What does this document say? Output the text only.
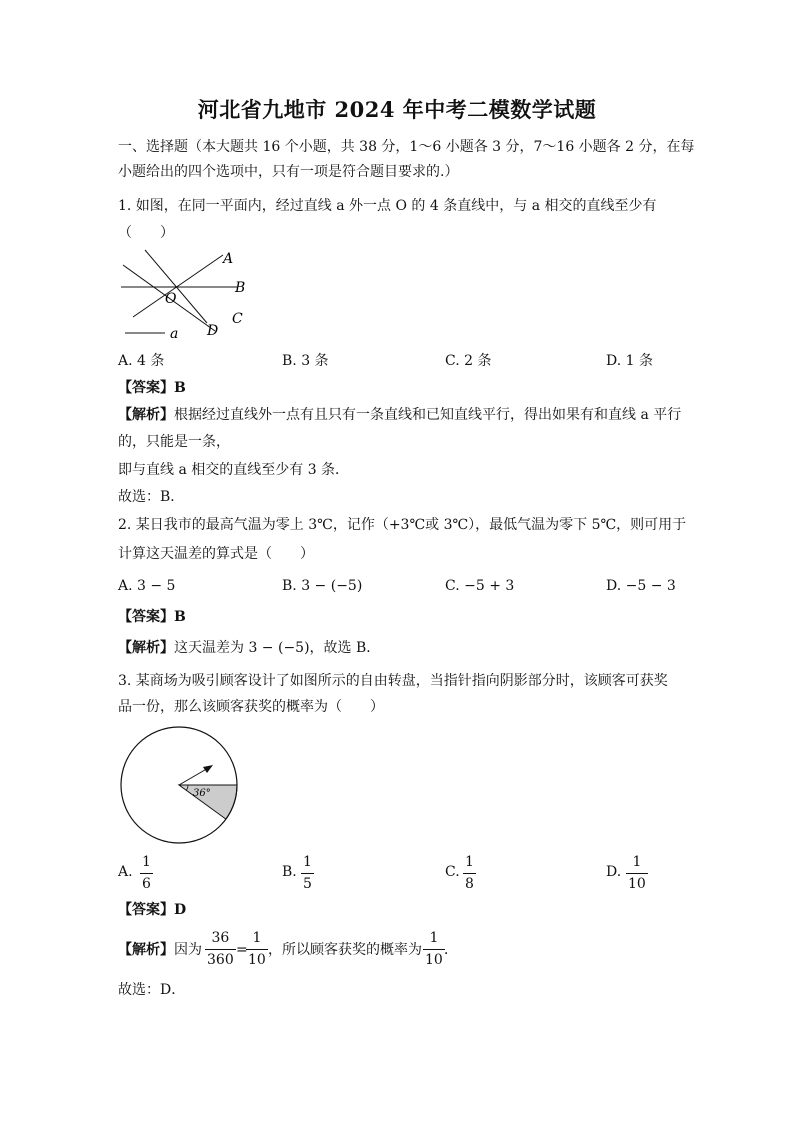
河北省九地市 2024 年中考二模数学试题
一、选择题（本大题共 16 个小题，共 38 分，1～6 小题各 3 分，7～16 小题各 2 分，在每
小题给出的四个选项中，只有一项是符合题目要求的.）
1. 如图，在同一平面内，经过直线 a 外一点 O 的 4 条直线中，与 a 相交的直线至少有
（　　）
A
B
C
D
O
a
A. 4 条	B. 3 条	C. 2 条	D. 1 条
【答案】B
【解析】根据经过直线外一点有且只有一条直线和已知直线平行，得出如果有和直线 a 平行
的，只能是一条，
即与直线 a 相交的直线至少有 3 条．
故选：B．
2. 某日我市的最高气温为零上 3℃，记作（+3℃或 3℃），最低气温为零下 5℃，则可用于
计算这天温差的算式是（　　）
A. 3 − 5	B. 3 − (−5)	C. −5 + 3	D. −5 − 3
【答案】B
【解析】这天温差为 3 − (−5)，故选 B．
3. 某商场为吸引顾客设计了如图所示的自由转盘，当指针指向阴影部分时，该顾客可获奖
品一份，那么该顾客获奖的概率为（　　）
36°
A.
1
6
B.
1
5
C.
1
8
D.
1
10
【答案】D
【解析】因为
36
360
=
1
10
，所以顾客获奖的概率为
1
10
．
故选：D．
